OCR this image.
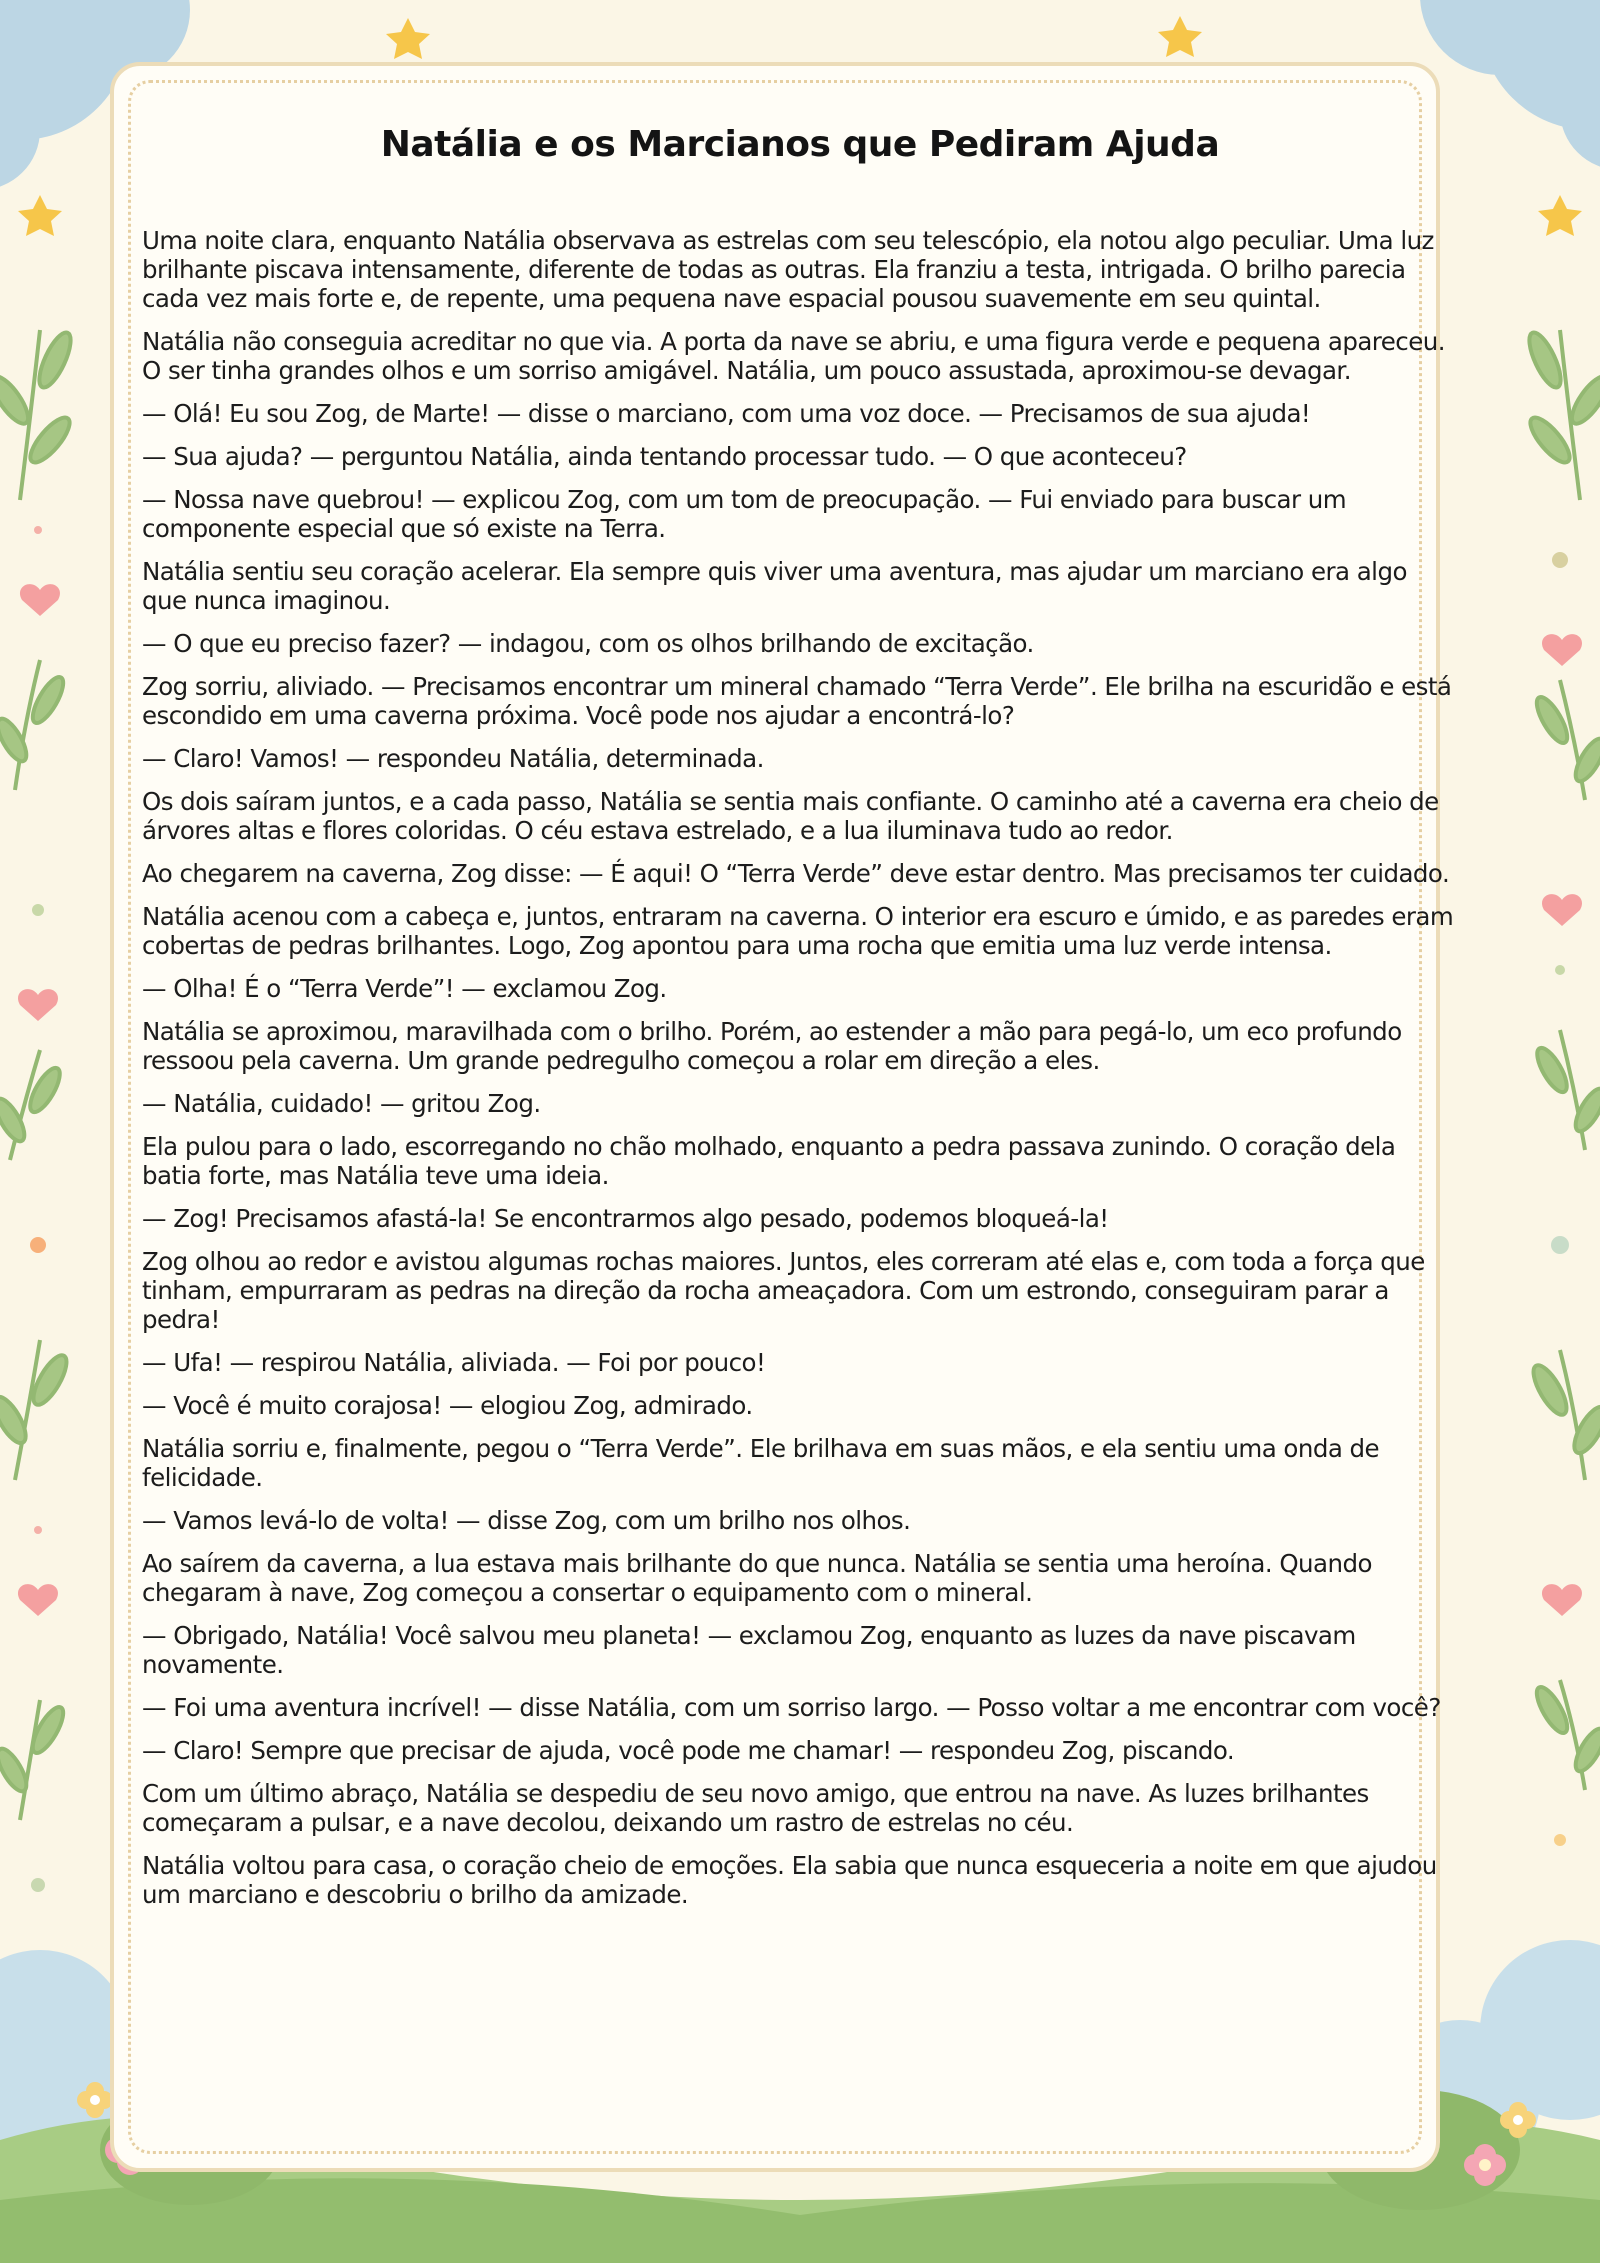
Natália e os Marcianos que Pediram Ajuda

Uma noite clara, enquanto Natália observava as estrelas com seu telescópio, ela notou algo peculiar. Uma luz brilhante piscava intensamente, diferente de todas as outras. Ela franziu a testa, intrigada. O brilho parecia cada vez mais forte e, de repente, uma pequena nave espacial pousou suavemente em seu quintal.

Natália não conseguia acreditar no que via. A porta da nave se abriu, e uma figura verde e pequena apareceu. O ser tinha grandes olhos e um sorriso amigável. Natália, um pouco assustada, aproximou-se devagar.

— Olá! Eu sou Zog, de Marte! — disse o marciano, com uma voz doce. — Precisamos de sua ajuda!

— Sua ajuda? — perguntou Natália, ainda tentando processar tudo. — O que aconteceu?

— Nossa nave quebrou! — explicou Zog, com um tom de preocupação. — Fui enviado para buscar um componente especial que só existe na Terra.

Natália sentiu seu coração acelerar. Ela sempre quis viver uma aventura, mas ajudar um marciano era algo que nunca imaginou.

— O que eu preciso fazer? — indagou, com os olhos brilhando de excitação.

Zog sorriu, aliviado. — Precisamos encontrar um mineral chamado “Terra Verde”. Ele brilha na escuridão e está escondido em uma caverna próxima. Você pode nos ajudar a encontrá-lo?

— Claro! Vamos! — respondeu Natália, determinada.

Os dois saíram juntos, e a cada passo, Natália se sentia mais confiante. O caminho até a caverna era cheio de árvores altas e flores coloridas. O céu estava estrelado, e a lua iluminava tudo ao redor.

Ao chegarem na caverna, Zog disse: — É aqui! O “Terra Verde” deve estar dentro. Mas precisamos ter cuidado.

Natália acenou com a cabeça e, juntos, entraram na caverna. O interior era escuro e úmido, e as paredes eram cobertas de pedras brilhantes. Logo, Zog apontou para uma rocha que emitia uma luz verde intensa.

— Olha! É o “Terra Verde”! — exclamou Zog.

Natália se aproximou, maravilhada com o brilho. Porém, ao estender a mão para pegá-lo, um eco profundo ressoou pela caverna. Um grande pedregulho começou a rolar em direção a eles.

— Natália, cuidado! — gritou Zog.

Ela pulou para o lado, escorregando no chão molhado, enquanto a pedra passava zunindo. O coração dela batia forte, mas Natália teve uma ideia.

— Zog! Precisamos afastá-la! Se encontrarmos algo pesado, podemos bloqueá-la!

Zog olhou ao redor e avistou algumas rochas maiores. Juntos, eles correram até elas e, com toda a força que tinham, empurraram as pedras na direção da rocha ameaçadora. Com um estrondo, conseguiram parar a pedra!

— Ufa! — respirou Natália, aliviada. — Foi por pouco!

— Você é muito corajosa! — elogiou Zog, admirado.

Natália sorriu e, finalmente, pegou o “Terra Verde”. Ele brilhava em suas mãos, e ela sentiu uma onda de felicidade.

— Vamos levá-lo de volta! — disse Zog, com um brilho nos olhos.

Ao saírem da caverna, a lua estava mais brilhante do que nunca. Natália se sentia uma heroína. Quando chegaram à nave, Zog começou a consertar o equipamento com o mineral.

— Obrigado, Natália! Você salvou meu planeta! — exclamou Zog, enquanto as luzes da nave piscavam novamente.

— Foi uma aventura incrível! — disse Natália, com um sorriso largo. — Posso voltar a me encontrar com você?

— Claro! Sempre que precisar de ajuda, você pode me chamar! — respondeu Zog, piscando.

Com um último abraço, Natália se despediu de seu novo amigo, que entrou na nave. As luzes brilhantes começaram a pulsar, e a nave decolou, deixando um rastro de estrelas no céu.

Natália voltou para casa, o coração cheio de emoções. Ela sabia que nunca esqueceria a noite em que ajudou um marciano e descobriu o brilho da amizade.
